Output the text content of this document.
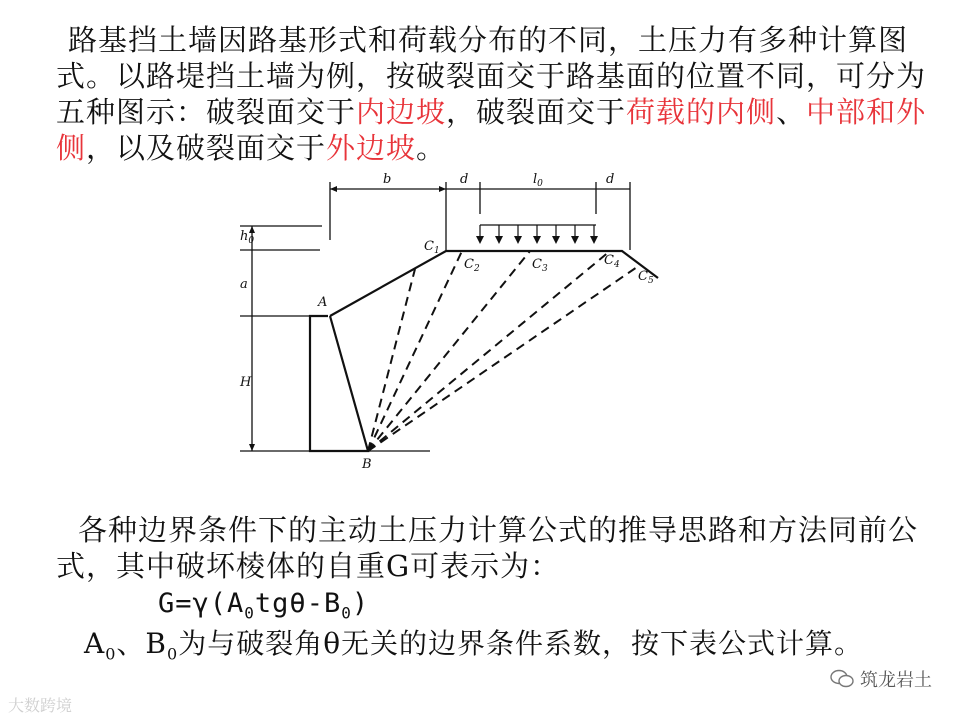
路基挡土墙因路基形式和荷载分布的不同，土压力有多种计算图式。以路堤挡土墙为例，按破裂面交于路基面的位置不同，可分为五种图示：破裂面交于内边坡，破裂面交于荷载的内侧、中部和外侧，以及破裂面交于外边坡。

b	d	$l_0$	d
$h_0$
a
H
A
B
$C_1$
$C_2$	$C_3$
$C_4$
$C_5$

各种边界条件下的主动土压力计算公式的推导思路和方法同前公式，其中破坏棱体的自重G可表示为：

$G=\gamma(A_0tg\theta-B_0)$

$A_0$、$B_0$为与破裂角θ无关的边界条件系数，按下表公式计算。

筑龙岩土
大数跨境
